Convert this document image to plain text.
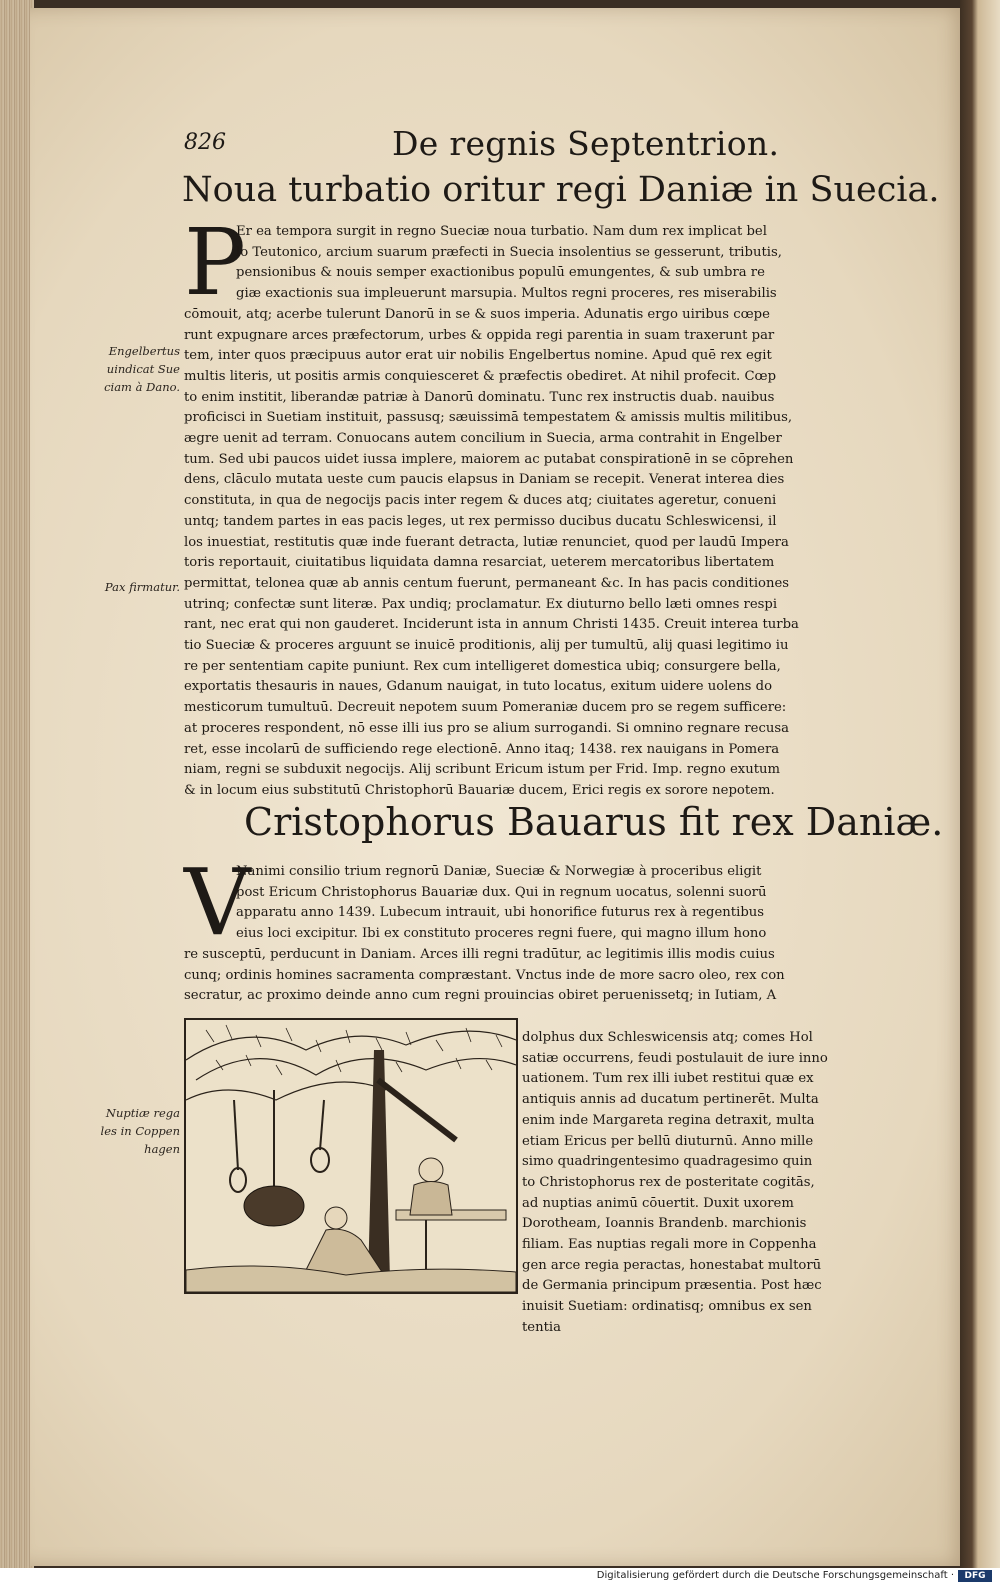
826	De regnis Septentrion.
Noua turbatio oritur regi Daniæ in Suecia.
P
Er ea tempora surgit in regno Sueciæ noua turbatio. Nam dum rex implicat bel
lo Teutonico, arcium suarum præfecti in Suecia insolentius se gesserunt, tributis,
pensionibus & nouis semper exactionibus populū emungentes, & sub umbra re
giæ exactionis sua impleuerunt marsupia. Multos regni proceres, res miserabilis
cōmouit, atq; acerbe tulerunt Danorū in se & suos imperia. Adunatis ergo uiribus cœpe
runt expugnare arces præfectorum, urbes & oppida regi parentia in suam traxerunt par
tem, inter quos præcipuus autor erat uir nobilis Engelbertus nomine. Apud quē rex egit
multis literis, ut positis armis conquiesceret & præfectis obediret. At nihil profecit. Cœp
to enim institit, liberandæ patriæ à Danorū dominatu. Tunc rex instructis duab. nauibus
proficisci in Suetiam instituit, passusq; sæuissimā tempestatem & amissis multis militibus,
ægre uenit ad terram. Conuocans autem concilium in Suecia, arma contrahit in Engelber
tum. Sed ubi paucos uidet iussa implere, maiorem ac putabat conspirationē in se cōprehen
dens, clāculo mutata ueste cum paucis elapsus in Daniam se recepit. Venerat interea dies
constituta, in qua de negocijs pacis inter regem & duces atq; ciuitates ageretur, conueni
untq; tandem partes in eas pacis leges, ut rex permisso ducibus ducatu Schleswicensi, il
los inuestiat, restitutis quæ inde fuerant detracta, lutiæ renunciet, quod per laudū Impera
toris reportauit, ciuitatibus liquidata damna resarciat, ueterem mercatoribus libertatem
permittat, telonea quæ ab annis centum fuerunt, permaneant &c. In has pacis conditiones
utrinq; confectæ sunt literæ. Pax undiq; proclamatur. Ex diuturno bello læti omnes respi
rant, nec erat qui non gauderet. Inciderunt ista in annum Christi 1435. Creuit interea turba
tio Sueciæ & proceres arguunt se inuicē proditionis, alij per tumultū, alij quasi legitimo iu
re per sententiam capite puniunt. Rex cum intelligeret domestica ubiq; consurgere bella,
exportatis thesauris in naues, Gdanum nauigat, in tuto locatus, exitum uidere uolens do
mesticorum tumultuū. Decreuit nepotem suum Pomeraniæ ducem pro se regem sufficere:
at proceres respondent, nō esse illi ius pro se alium surrogandi. Si omnino regnare recusa
ret, esse incolarū de sufficiendo rege electionē. Anno itaq; 1438. rex nauigans in Pomera
niam, regni se subduxit negocijs. Alij scribunt Ericum istum per Frid. Imp. regno exutum
& in locum eius substitutū Christophorū Bauariæ ducem, Erici regis ex sorore nepotem.
Engelbertus
uindicat Sue
ciam à Dano.
Pax firmatur.
Cristophorus Bauarus fit rex Daniæ.
V
Nanimi consilio trium regnorū Daniæ, Sueciæ & Norwegiæ à proceribus eligit
post Ericum Christophorus Bauariæ dux. Qui in regnum uocatus, solenni suorū
apparatu anno 1439. Lubecum intrauit, ubi honorifice futurus rex à regentibus
eius loci excipitur. Ibi ex constituto proceres regni fuere, qui magno illum hono
re susceptū, perducunt in Daniam. Arces illi regni tradūtur, ac legitimis illis modis cuius
cunq; ordinis homines sacramenta compræstant. Vnctus inde de more sacro oleo, rex con
secratur, ac proximo deinde anno cum regni prouincias obiret peruenissetq; in Iutiam, A
dolphus dux Schleswicensis atq; comes Hol
satiæ occurrens, feudi postulauit de iure inno
uationem. Tum rex illi iubet restitui quæ ex
antiquis annis ad ducatum pertinerēt. Multa
enim inde Margareta regina detraxit, multa
etiam Ericus per bellū diuturnū. Anno mille
simo quadringentesimo quadragesimo quin
to Christophorus rex de posteritate cogitās,
ad nuptias animū cōuertit. Duxit uxorem
Dorotheam, Ioannis Brandenb. marchionis
filiam. Eas nuptias regali more in Coppenha
gen arce regia peractas, honestabat multorū
de Germania principum præsentia. Post hæc
inuisit Suetiam: ordinatisq; omnibus ex sen
tentia
Nuptiæ rega
les in Coppen
hagen
Digitalisierung gefördert durch die Deutsche Forschungsgemeinschaft ·	DFG
